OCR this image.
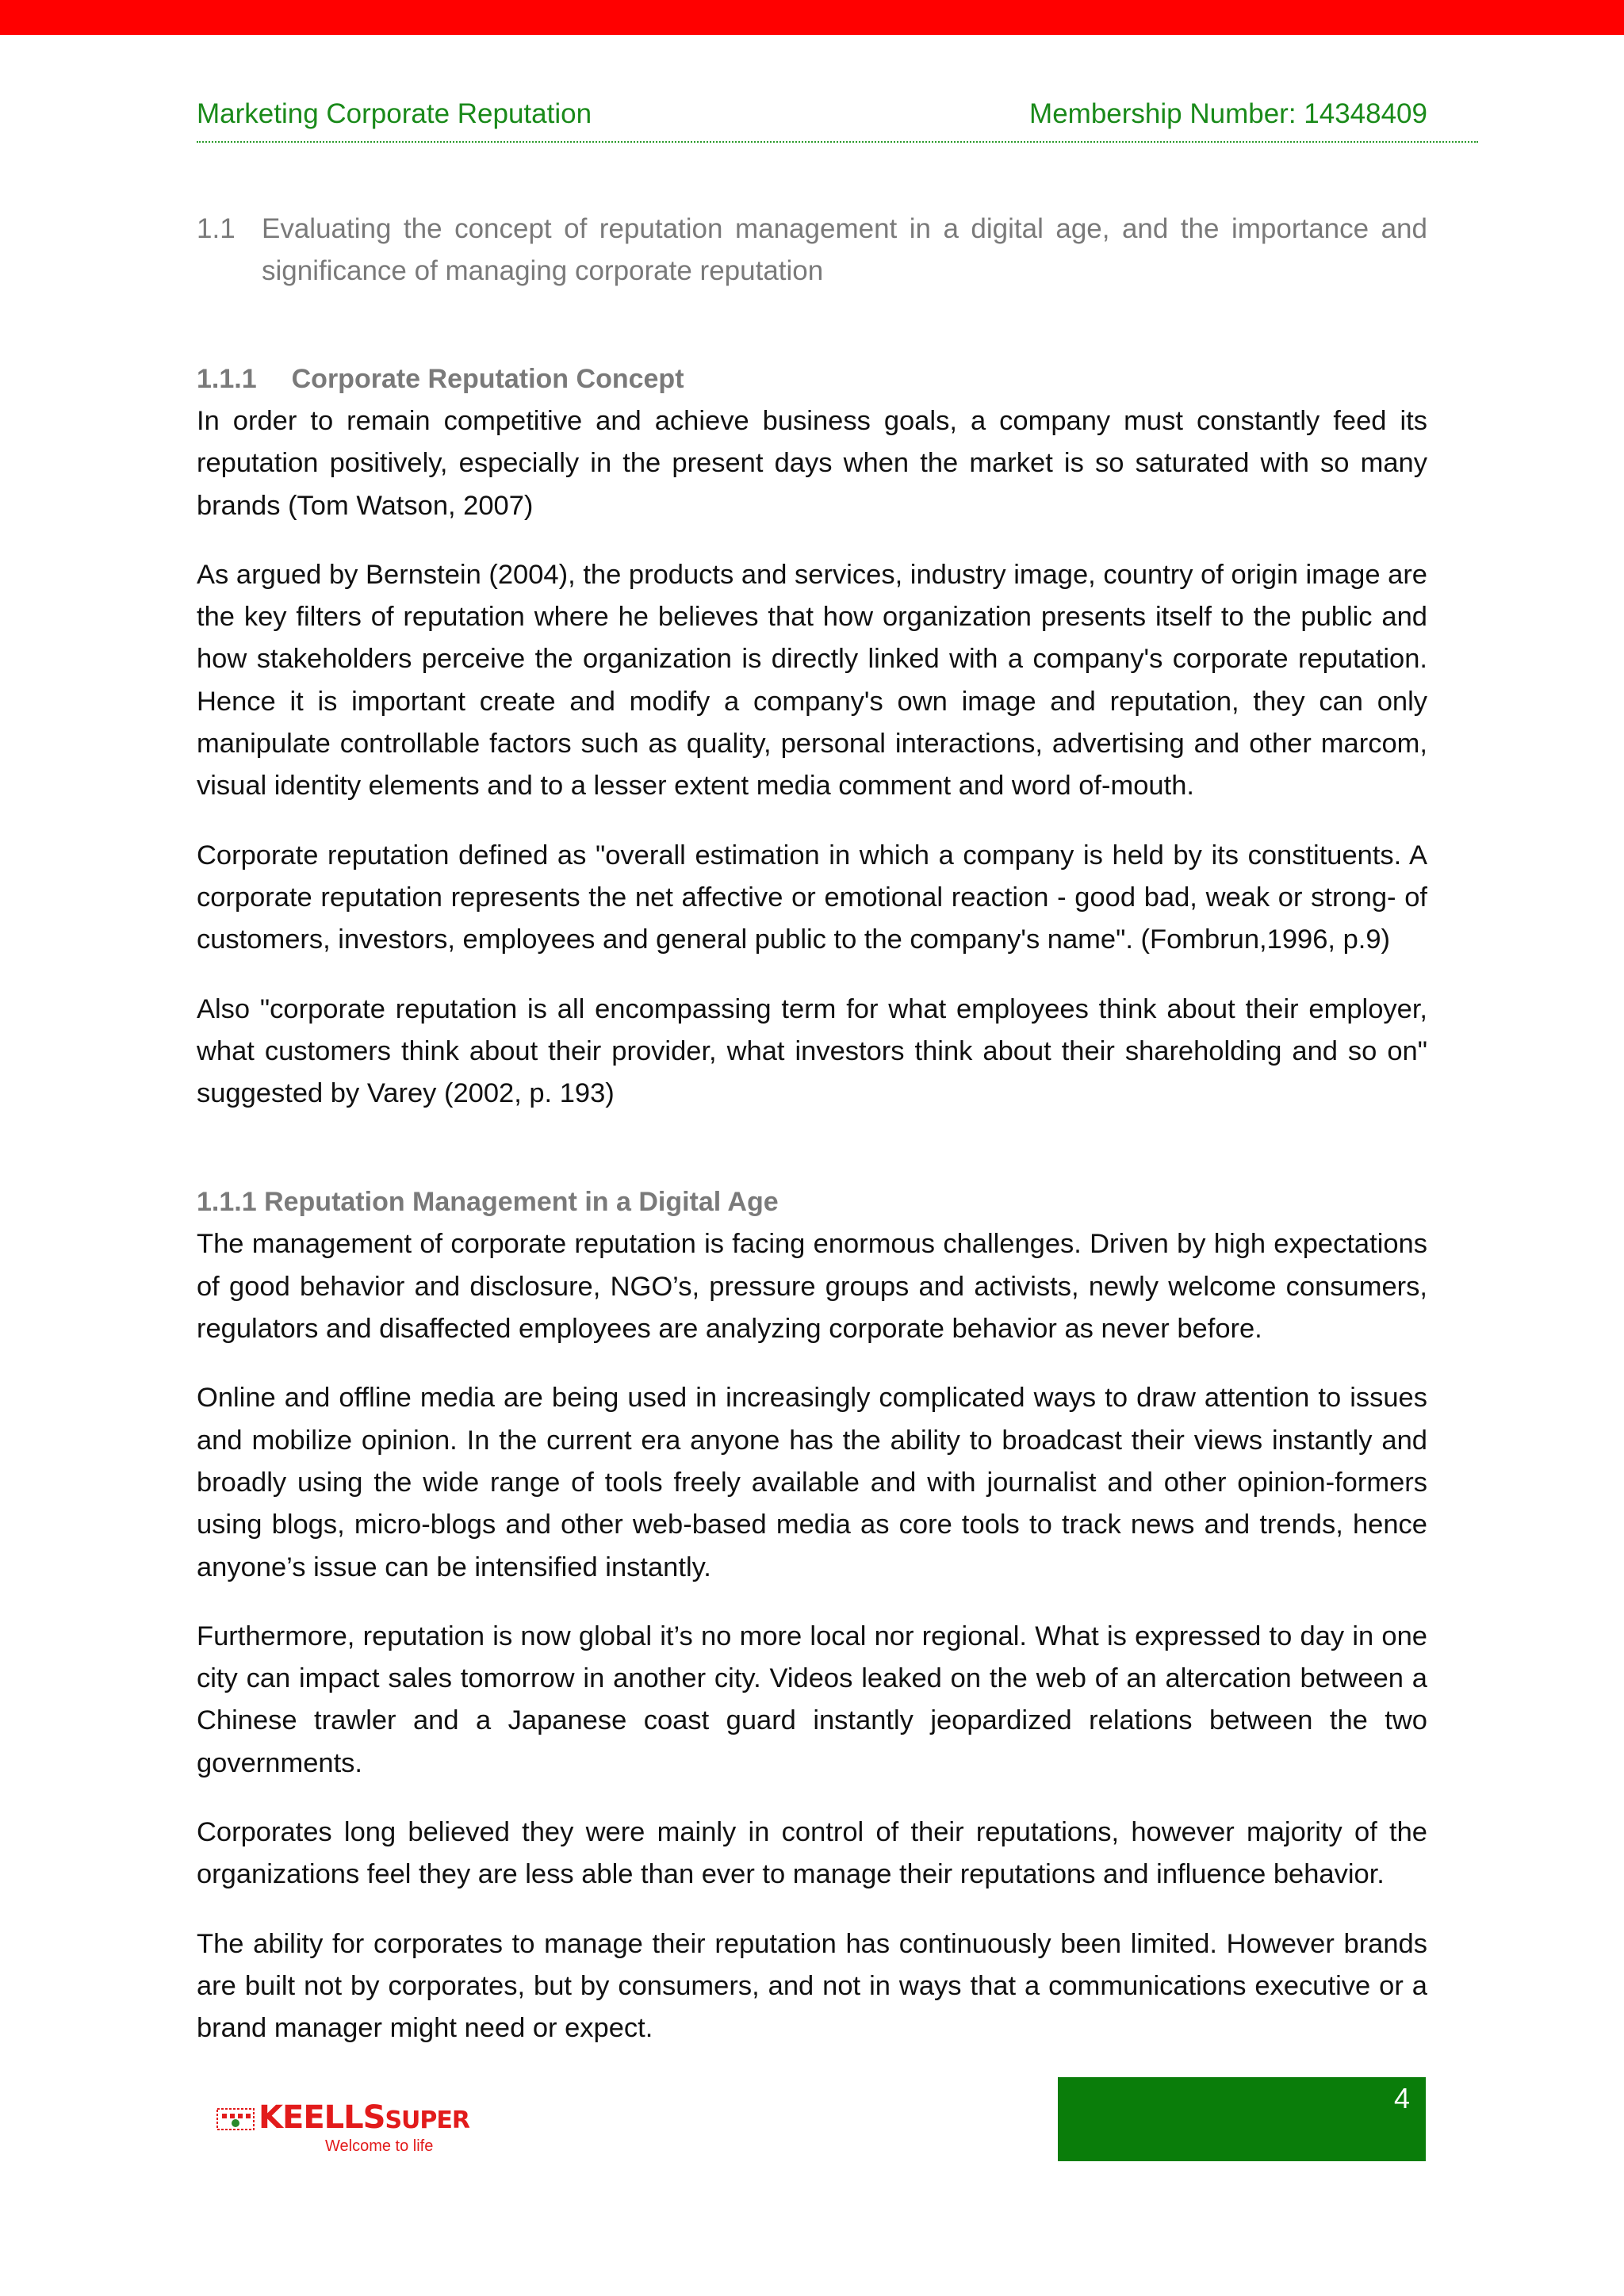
Marketing Corporate Reputation	Membership Number: 14348409
1.1 Evaluating the concept of reputation management in a digital age, and the importance and significance of managing corporate reputation
1.1.1 Corporate Reputation Concept

In order to remain competitive and achieve business goals, a company must constantly feed its reputation positively, especially in the present days when the market is so saturated with so many brands (Tom Watson, 2007)

As argued by Bernstein (2004), the products and services, industry image, country of origin image are the key filters of reputation where he believes that how organization presents itself to the public and how stakeholders perceive the organization is directly linked with a company's corporate reputation. Hence it is important create and modify a company's own image and reputation, they can only manipulate controllable factors such as quality, personal interactions, advertising and other marcom, visual identity elements and to a lesser extent media comment and word of-mouth.

Corporate reputation defined as "overall estimation in which a company is held by its constituents. A corporate reputation represents the net affective or emotional reaction - good bad, weak or strong- of customers, investors, employees and general public to the company's name". (Fombrun,1996, p.9)

Also "corporate reputation is all encompassing term for what employees think about their employer, what customers think about their provider, what investors think about their shareholding and so on" suggested by Varey (2002, p. 193)

1.1.1 Reputation Management in a Digital Age

The management of corporate reputation is facing enormous challenges. Driven by high expectations of good behavior and disclosure, NGO’s, pressure groups and activists, newly welcome consumers, regulators and disaffected employees are analyzing corporate behavior as never before.

Online and offline media are being used in increasingly complicated ways to draw attention to issues and mobilize opinion. In the current era anyone has the ability to broadcast their views instantly and broadly using the wide range of tools freely available and with journalist and other opinion-formers using blogs, micro-blogs and other web-based media as core tools to track news and trends, hence anyone’s issue can be intensified instantly.

Furthermore, reputation is now global it’s no more local nor regional. What is expressed to day in one city can impact sales tomorrow in another city. Videos leaked on the web of an altercation between a Chinese trawler and a Japanese coast guard instantly jeopardized relations between the two governments.

Corporates long believed they were mainly in control of their reputations, however majority of the organizations feel they are less able than ever to manage their reputations and influence behavior.

The ability for corporates to manage their reputation has continuously been limited. However brands are built not by corporates, but by consumers, and not in ways that a communications executive or a brand manager might need or expect.

KEELLSSUPER
Welcome to life
4
